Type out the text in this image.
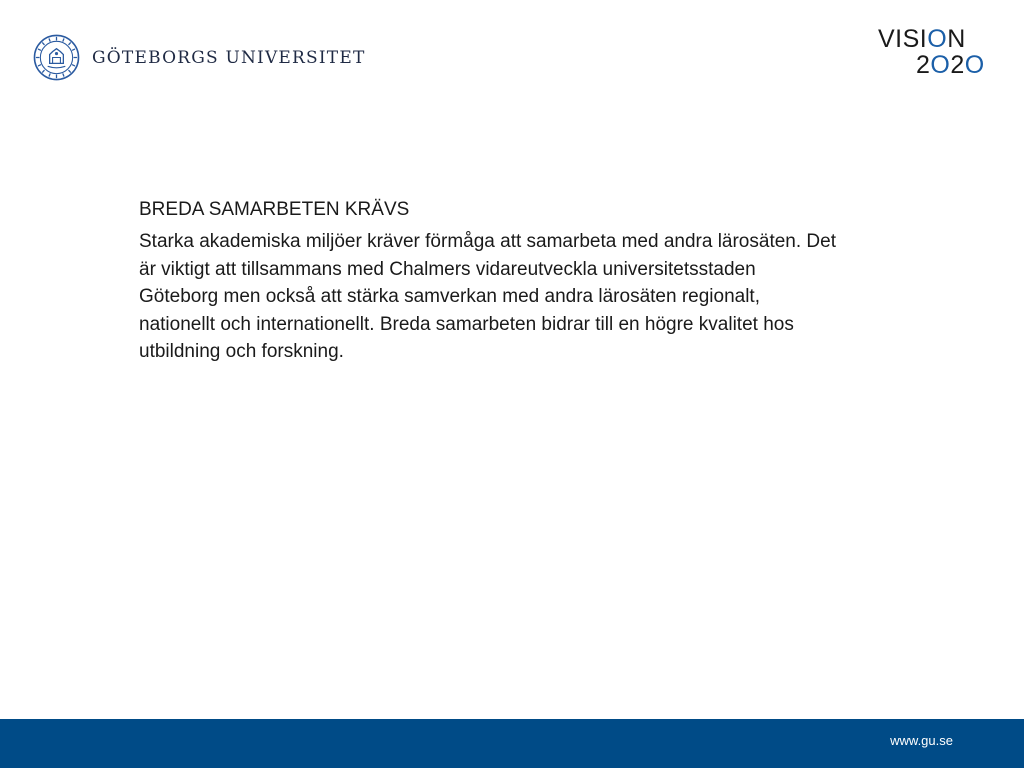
GÖTEBORGS UNIVERSITET
VISION
2O2O
BREDA SAMARBETEN KRÄVS

Starka akademiska miljöer kräver förmåga att samarbeta med andra lärosäten. Det är viktigt att tillsammans med Chalmers vidareutveckla universitetsstaden Göteborg men också att stärka samverkan med andra lärosäten regionalt, nationellt och internationellt. Breda samarbeten bidrar till en högre kvalitet hos utbildning och forskning.

www.gu.se
